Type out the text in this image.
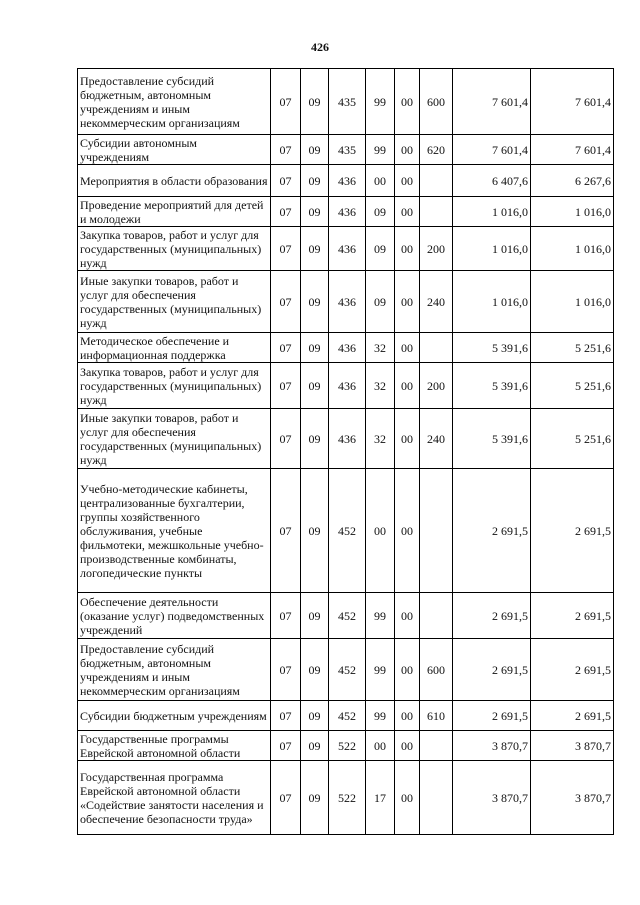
426
Предоставление субсидий бюджетным, автономным учреждениям и иным некоммерческим организациям	07	09	435	99	00	600	7 601,4	7 601,4
Субсидии автономным учреждениям	07	09	435	99	00	620	7 601,4	7 601,4
Мероприятия в области образования	07	09	436	00	00		6 407,6	6 267,6
Проведение мероприятий для детей и молодежи	07	09	436	09	00		1 016,0	1 016,0
Закупка товаров, работ и услуг для государственных (муниципальных) нужд	07	09	436	09	00	200	1 016,0	1 016,0
Иные закупки товаров, работ и услуг для обеспечения государственных (муниципальных) нужд	07	09	436	09	00	240	1 016,0	1 016,0
Методическое обеспечение и информационная поддержка	07	09	436	32	00		5 391,6	5 251,6
Закупка товаров, работ и услуг для государственных (муниципальных) нужд	07	09	436	32	00	200	5 391,6	5 251,6
Иные закупки товаров, работ и услуг для обеспечения государственных (муниципальных) нужд	07	09	436	32	00	240	5 391,6	5 251,6
Учебно-методические кабинеты, централизованные бухгалтерии, группы хозяйственного обслуживания, учебные фильмотеки, межшкольные учебно-производственные комбинаты, логопедические пункты	07	09	452	00	00		2 691,5	2 691,5
Обеспечение деятельности (оказание услуг) подведомственных учреждений	07	09	452	99	00		2 691,5	2 691,5
Предоставление субсидий бюджетным, автономным учреждениям и иным некоммерческим организациям	07	09	452	99	00	600	2 691,5	2 691,5
Субсидии бюджетным учреждениям	07	09	452	99	00	610	2 691,5	2 691,5
Государственные программы Еврейской автономной области	07	09	522	00	00		3 870,7	3 870,7
Государственная программа Еврейской автономной области «Содействие занятости населения и обеспечение безопасности труда»	07	09	522	17	00		3 870,7	3 870,7
